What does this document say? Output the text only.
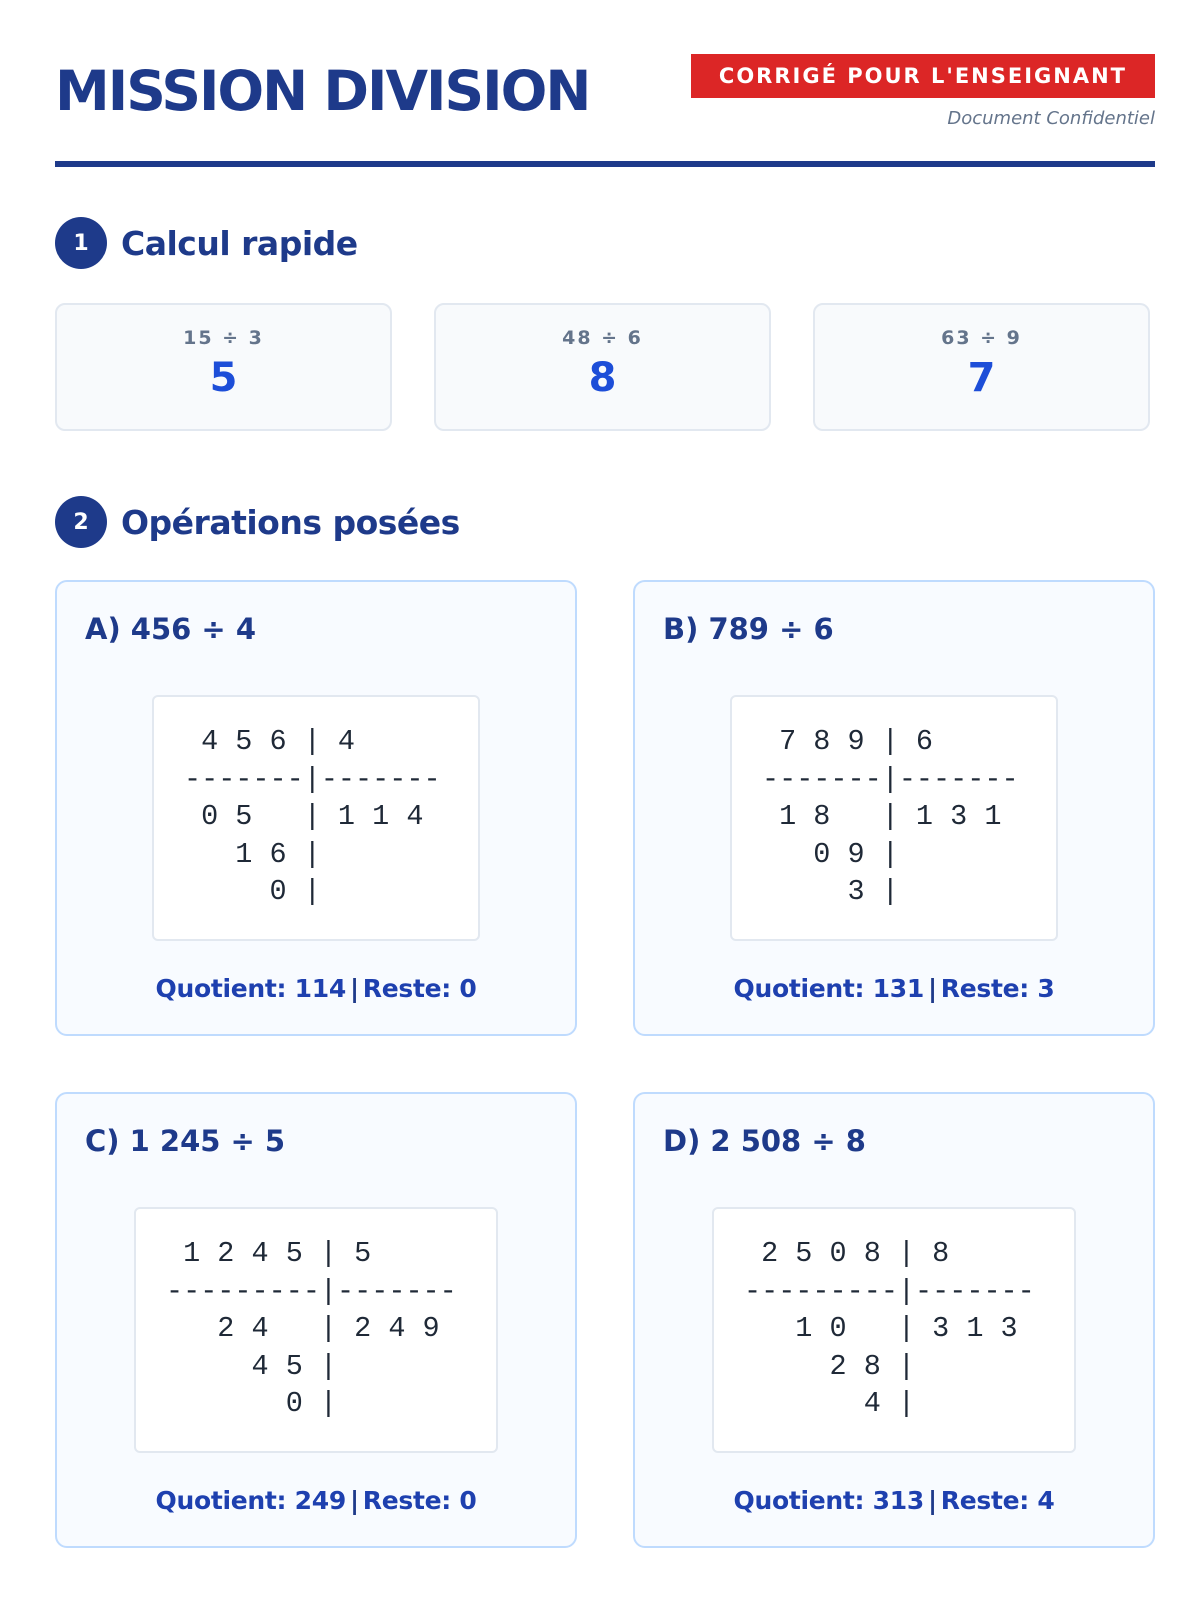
MISSION DIVISION	CORRIGÉ POUR L'ENSEIGNANT
Document Confidentiel
1 Calcul rapide
15 ÷ 3
5
48 ÷ 6
8
63 ÷ 9
7
2 Opérations posées
A) 456 ÷ 4
4 5 6 | 4
-------|-------
0 5   | 1 1 4
1 6 |
0 |
Quotient: 114 | Reste: 0
B) 789 ÷ 6
7 8 9 | 6
-------|-------
1 8   | 1 3 1
0 9 |
3 |
Quotient: 131 | Reste: 3
C) 1 245 ÷ 5
1 2 4 5 | 5
---------|-------
2 4   | 2 4 9
4 5 |
0 |
Quotient: 249 | Reste: 0
D) 2 508 ÷ 8
2 5 0 8 | 8
---------|-------
1 0   | 3 1 3
2 8 |
4 |
Quotient: 313 | Reste: 4
